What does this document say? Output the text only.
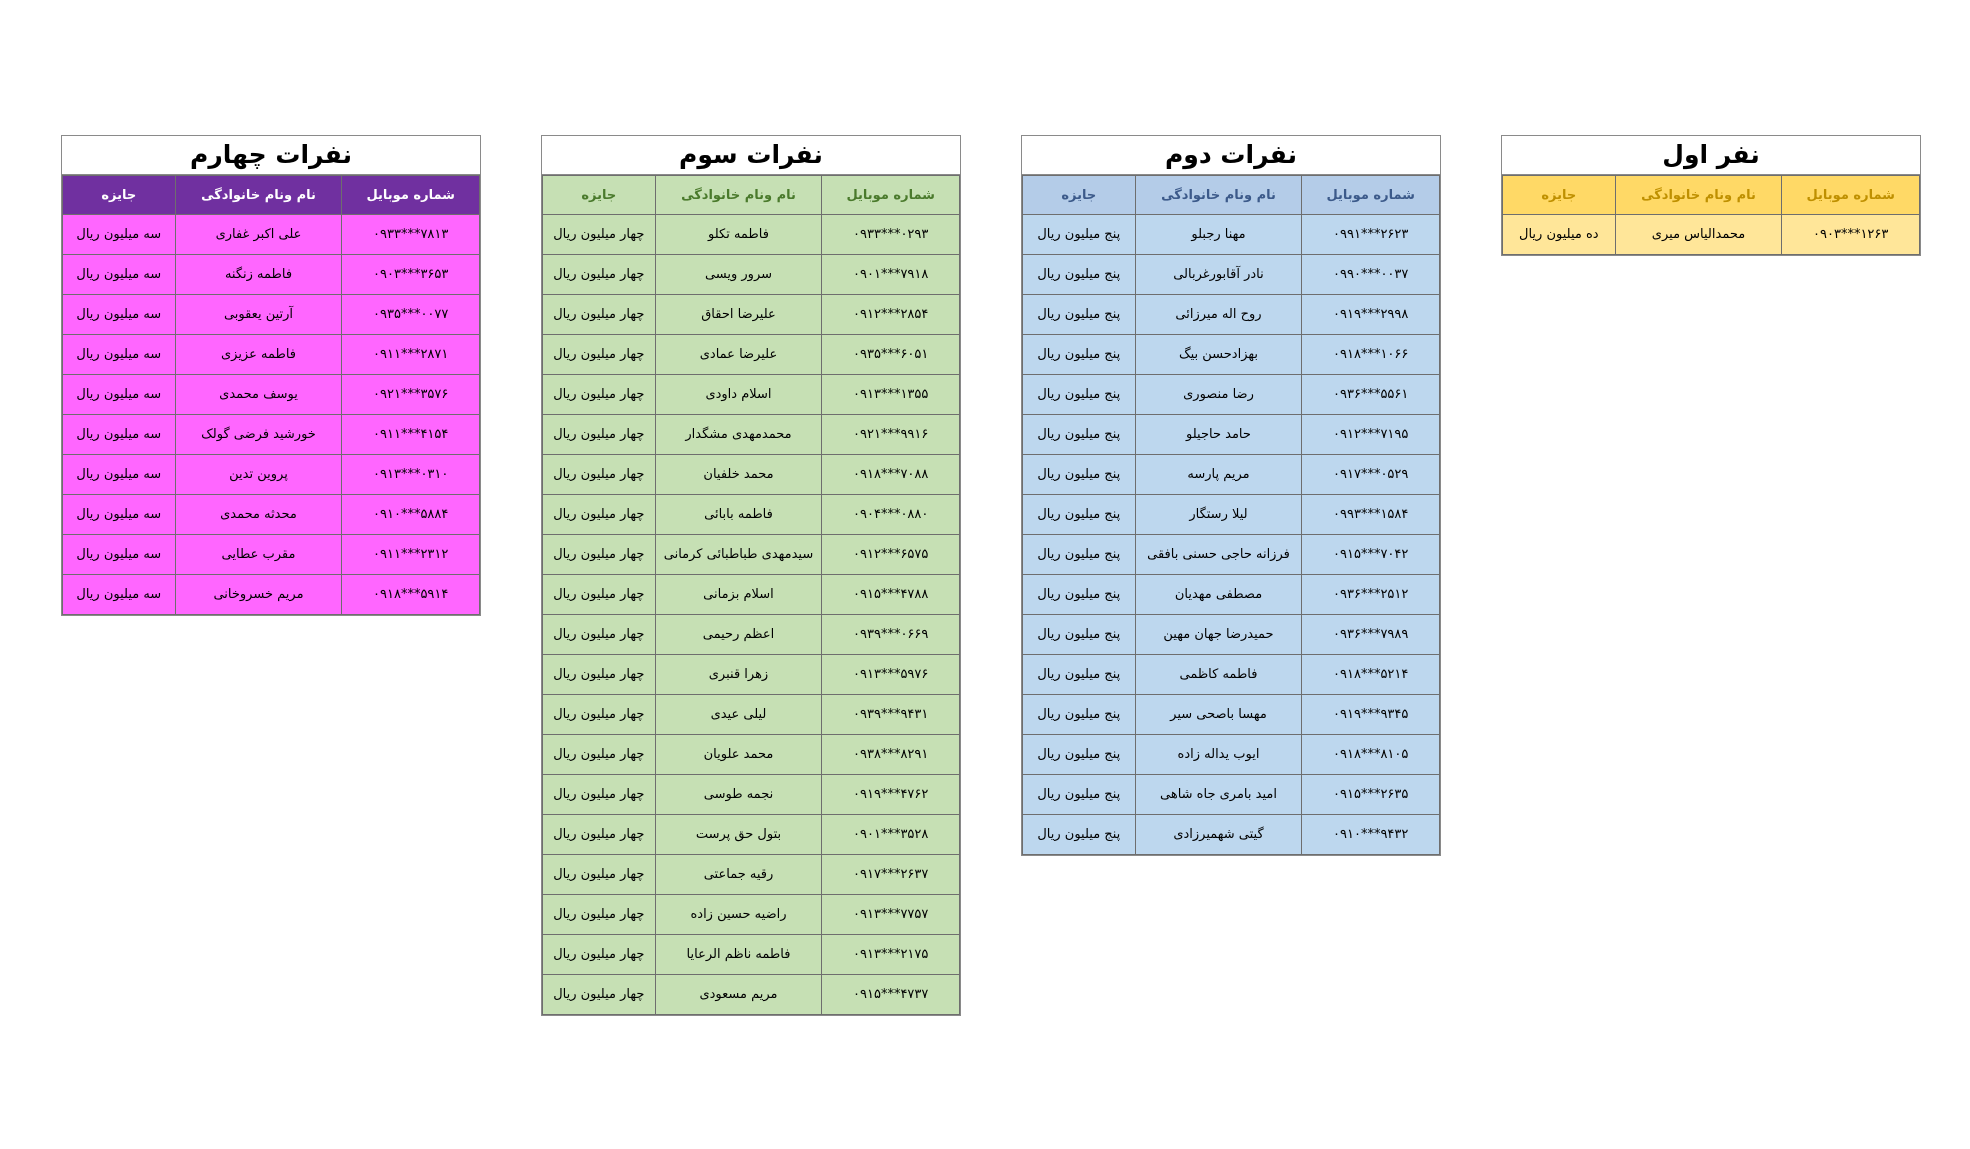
نفر اول
شماره موبایل	نام ونام خانوادگی	جایزه
۰۹۰۳***۱۲۶۳	محمدالیاس میری	ده میلیون ریال
نفرات دوم
شماره موبایل	نام ونام خانوادگی	جایزه
۰۹۹۱***۲۶۲۳	مهنا رجبلو	پنج میلیون ریال
۰۹۹۰***۰۰۳۷	نادر آقابورغربالی	پنج میلیون ریال
۰۹۱۹***۲۹۹۸	روح اله میرزائی	پنج میلیون ریال
۰۹۱۸***۱۰۶۶	بهزادحسن بیگ	پنج میلیون ریال
۰۹۳۶***۵۵۶۱	رضا منصوری	پنج میلیون ریال
۰۹۱۲***۷۱۹۵	حامد حاجیلو	پنج میلیون ریال
۰۹۱۷***۰۵۲۹	مریم پارسه	پنج میلیون ریال
۰۹۹۳***۱۵۸۴	لیلا رستگار	پنج میلیون ریال
۰۹۱۵***۷۰۴۲	فرزانه حاجی حسنی بافقی	پنج میلیون ریال
۰۹۳۶***۲۵۱۲	مصطفی مهدیان	پنج میلیون ریال
۰۹۳۶***۷۹۸۹	حمیدرضا جهان مهین	پنج میلیون ریال
۰۹۱۸***۵۲۱۴	فاطمه کاظمی	پنج میلیون ریال
۰۹۱۹***۹۳۴۵	مهسا باصحی سیر	پنج میلیون ریال
۰۹۱۸***۸۱۰۵	ایوب یداله زاده	پنج میلیون ریال
۰۹۱۵***۲۶۳۵	امید بامری جاه شاهی	پنج میلیون ریال
۰۹۱۰***۹۴۳۲	گیتی شهمیرزادی	پنج میلیون ریال
نفرات سوم
شماره موبایل	نام ونام خانوادگی	جایزه
۰۹۳۳***۰۲۹۳	فاطمه تکلو	چهار میلیون ریال
۰۹۰۱***۷۹۱۸	سرور ویسی	چهار میلیون ریال
۰۹۱۲***۲۸۵۴	علیرضا احقاق	چهار میلیون ریال
۰۹۳۵***۶۰۵۱	علیرضا عمادی	چهار میلیون ریال
۰۹۱۳***۱۳۵۵	اسلام داودی	چهار میلیون ریال
۰۹۲۱***۹۹۱۶	محمدمهدی مشگدار	چهار میلیون ریال
۰۹۱۸***۷۰۸۸	محمد خلفیان	چهار میلیون ریال
۰۹۰۴***۰۸۸۰	فاطمه بابائی	چهار میلیون ریال
۰۹۱۲***۶۵۷۵	سیدمهدی طباطبائی کرمانی	چهار میلیون ریال
۰۹۱۵***۴۷۸۸	اسلام بزمانی	چهار میلیون ریال
۰۹۳۹***۰۶۶۹	اعظم رحیمی	چهار میلیون ریال
۰۹۱۳***۵۹۷۶	زهرا قنبری	چهار میلیون ریال
۰۹۳۹***۹۴۳۱	لیلی عیدی	چهار میلیون ریال
۰۹۳۸***۸۲۹۱	محمد علویان	چهار میلیون ریال
۰۹۱۹***۴۷۶۲	نجمه طوسی	چهار میلیون ریال
۰۹۰۱***۳۵۲۸	بتول حق پرست	چهار میلیون ریال
۰۹۱۷***۲۶۳۷	رقیه جماعتی	چهار میلیون ریال
۰۹۱۳***۷۷۵۷	راضیه حسین زاده	چهار میلیون ریال
۰۹۱۳***۲۱۷۵	فاطمه ناظم الرعایا	چهار میلیون ریال
۰۹۱۵***۴۷۳۷	مریم مسعودی	چهار میلیون ریال
نفرات چهارم
شماره موبایل	نام ونام خانوادگی	جایزه
۰۹۳۳***۷۸۱۳	علی اکبر غفاری	سه میلیون ریال
۰۹۰۳***۳۶۵۳	فاطمه زنگنه	سه میلیون ریال
۰۹۳۵***۰۰۷۷	آرتین یعقوبی	سه میلیون ریال
۰۹۱۱***۲۸۷۱	فاطمه عزیزی	سه میلیون ریال
۰۹۲۱***۳۵۷۶	یوسف محمدی	سه میلیون ریال
۰۹۱۱***۴۱۵۴	خورشید فرضی گولک	سه میلیون ریال
۰۹۱۳***۰۳۱۰	پروین تدین	سه میلیون ریال
۰۹۱۰***۵۸۸۴	محدثه محمدی	سه میلیون ریال
۰۹۱۱***۲۳۱۲	مقرب عطایی	سه میلیون ریال
۰۹۱۸***۵۹۱۴	مریم خسروخانی	سه میلیون ریال
